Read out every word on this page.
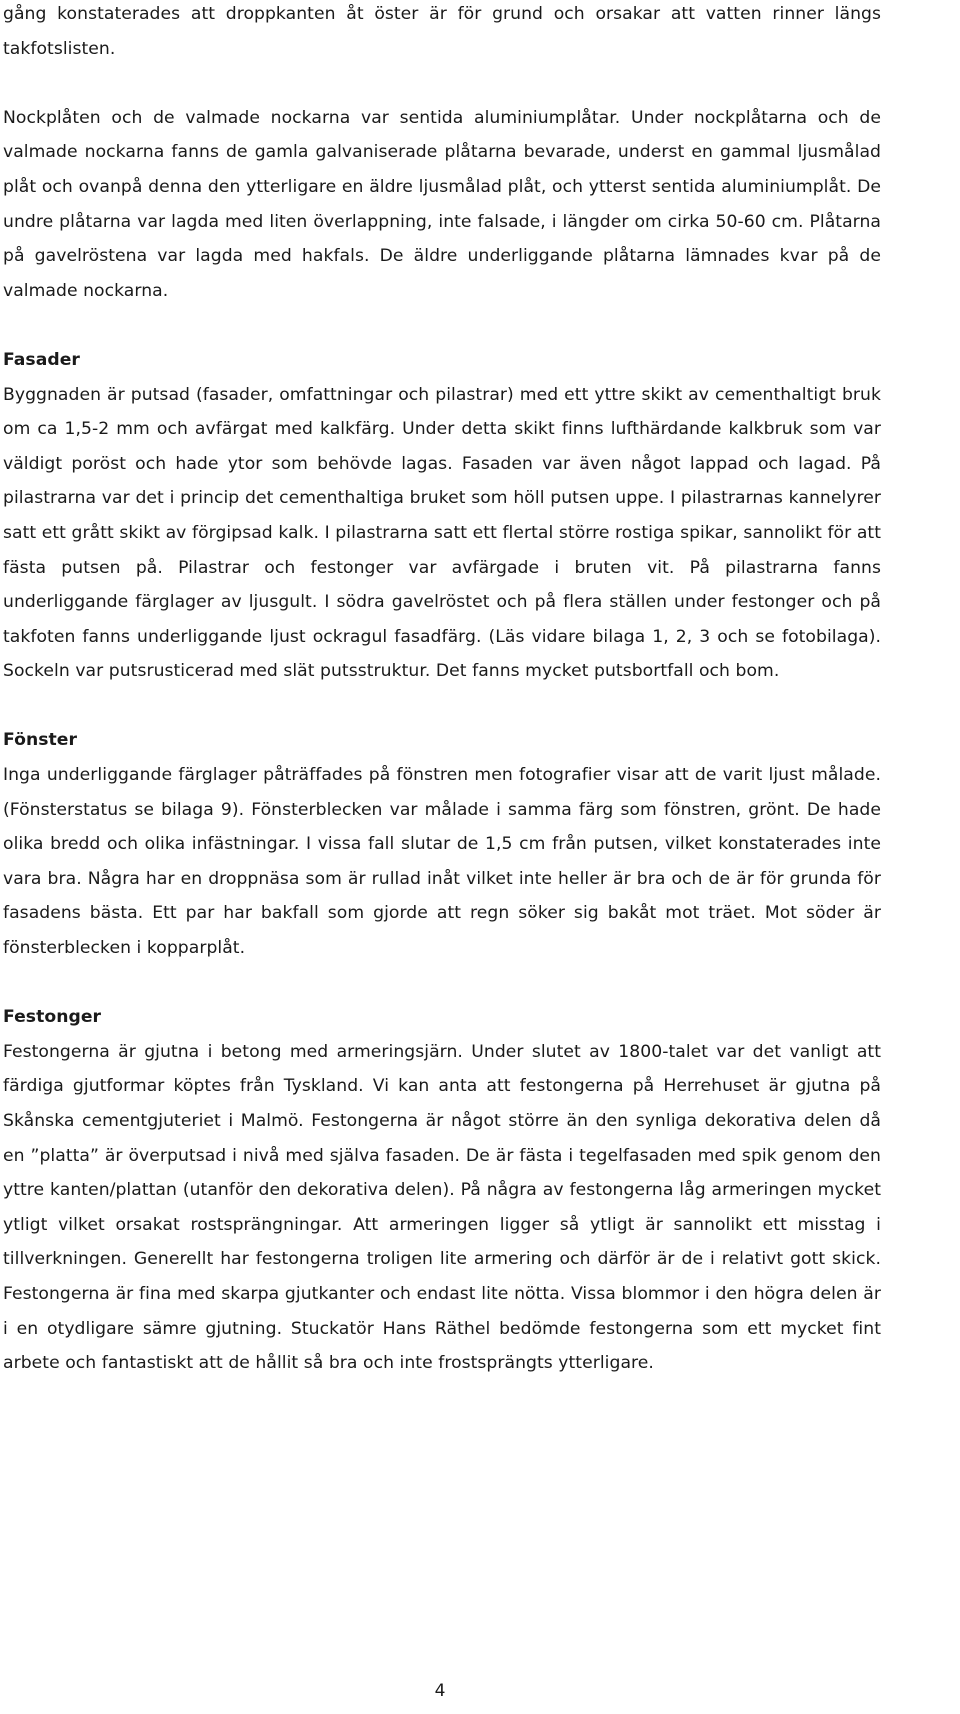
gång konstaterades att droppkanten åt öster är för grund och orsakar att vatten rinner längs takfotslisten.

Nockplåten och de valmade nockarna var sentida aluminiumplåtar. Under nockplåtarna och de valmade nockarna fanns de gamla galvaniserade plåtarna bevarade, underst en gammal ljusmålad plåt och ovanpå denna den ytterligare en äldre ljusmålad plåt, och ytterst sentida aluminiumplåt. De undre plåtarna var lagda med liten överlappning, inte falsade, i längder om cirka 50-60 cm. Plåtarna på gavelröstena var lagda med hakfals. De äldre underliggande plåtarna lämnades kvar på de valmade nockarna.

Fasader

Byggnaden är putsad (fasader, omfattningar och pilastrar) med ett yttre skikt av cementhaltigt bruk om ca 1,5-2 mm och avfärgat med kalkfärg. Under detta skikt finns lufthärdande kalkbruk som var väldigt poröst och hade ytor som behövde lagas. Fasaden var även något lappad och lagad. På pilastrarna var det i princip det cementhaltiga bruket som höll putsen uppe. I pilastrarnas kannelyrer satt ett grått skikt av förgipsad kalk. I pilastrarna satt ett flertal större rostiga spikar, sannolikt för att fästa putsen på. Pilastrar och festonger var avfärgade i bruten vit. På pilastrarna fanns underliggande färglager av ljusgult. I södra gavelröstet och på flera ställen under festonger och på takfoten fanns underliggande ljust ockragul fasadfärg. (Läs vidare bilaga 1, 2, 3 och se fotobilaga). Sockeln var putsrusticerad med slät putsstruktur. Det fanns mycket putsbortfall och bom.

Fönster

Inga underliggande färglager påträffades på fönstren men fotografier visar att de varit ljust målade. (Fönsterstatus se bilaga 9). Fönsterblecken var målade i samma färg som fönstren, grönt. De hade olika bredd och olika infästningar. I vissa fall slutar de 1,5 cm från putsen, vilket konstaterades inte vara bra. Några har en droppnäsa som är rullad inåt vilket inte heller är bra och de är för grunda för fasadens bästa. Ett par har bakfall som gjorde att regn söker sig bakåt mot träet. Mot söder är fönsterblecken i kopparplåt.

Festonger

Festongerna är gjutna i betong med armeringsjärn. Under slutet av 1800-talet var det vanligt att färdiga gjutformar köptes från Tyskland. Vi kan anta att festongerna på Herrehuset är gjutna på Skånska cementgjuteriet i Malmö. Festongerna är något större än den synliga dekorativa delen då en ”platta” är överputsad i nivå med själva fasaden. De är fästa i tegelfasaden med spik genom den yttre kanten/plattan (utanför den dekorativa delen). På några av festongerna låg armeringen mycket ytligt vilket orsakat rostsprängningar. Att armeringen ligger så ytligt är sannolikt ett misstag i tillverkningen. Generellt har festongerna troligen lite armering och därför är de i relativt gott skick. Festongerna är fina med skarpa gjutkanter och endast lite nötta. Vissa blommor i den högra delen är i en otydligare sämre gjutning. Stuckatör Hans Räthel bedömde festongerna som ett mycket fint arbete och fantastiskt att de hållit så bra och inte frostsprängts ytterligare.

4
